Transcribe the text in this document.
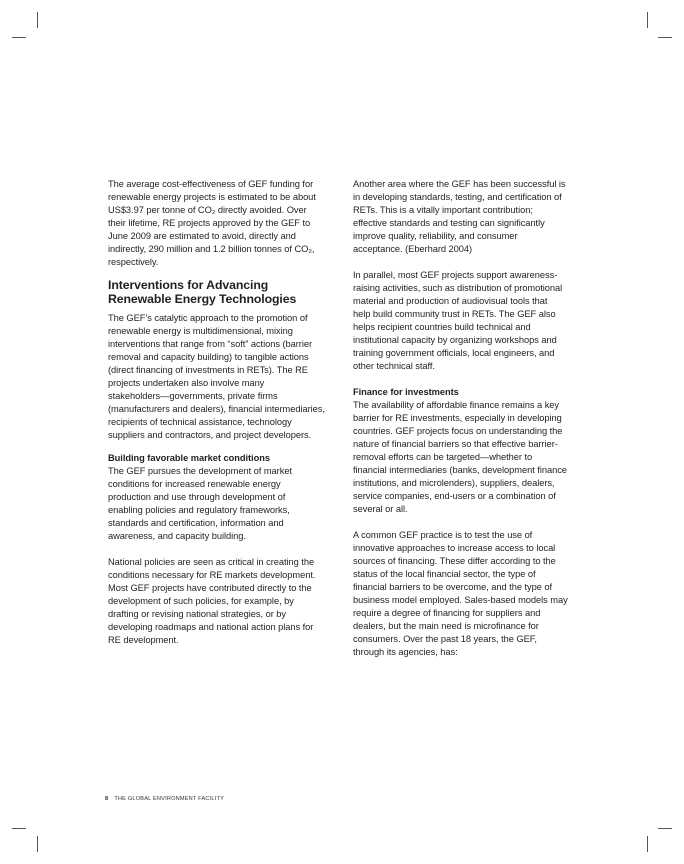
The average cost-effectiveness of GEF funding for
renewable energy projects is estimated to be about
US$3.97 per tonne of CO₂ directly avoided. Over
their lifetime, RE projects approved by the GEF to
June 2009 are estimated to avoid, directly and
indirectly, 290 million and 1.2 billion tonnes of CO₂,
respectively.
Interventions for Advancing
Renewable Energy Technologies
The GEF’s catalytic approach to the promotion of
renewable energy is multidimensional, mixing
interventions that range from “soft” actions (barrier
removal and capacity building) to tangible actions
(direct financing of investments in RETs). The RE
projects undertaken also involve many
stakeholders—governments, private firms
(manufacturers and dealers), financial intermediaries,
recipients of technical assistance, technology
suppliers and contractors, and project developers.
Building favorable market conditions
The GEF pursues the development of market
conditions for increased renewable energy
production and use through development of
enabling policies and regulatory frameworks,
standards and certification, information and
awareness, and capacity building.
National policies are seen as critical in creating the
conditions necessary for RE markets development.
Most GEF projects have contributed directly to the
development of such policies, for example, by
drafting or revising national strategies, or by
developing roadmaps and national action plans for
RE development.
Another area where the GEF has been successful is
in developing standards, testing, and certification of
RETs. This is a vitally important contribution;
effective standards and testing can significantly
improve quality, reliability, and consumer
acceptance. (Eberhard 2004)
In parallel, most GEF projects support awareness-
raising activities, such as distribution of promotional
material and production of audiovisual tools that
help build community trust in RETs. The GEF also
helps recipient countries build technical and
institutional capacity by organizing workshops and
training government officials, local engineers, and
other technical staff.
Finance for investments
The availability of affordable finance remains a key
barrier for RE investments, especially in developing
countries. GEF projects focus on understanding the
nature of financial barriers so that effective barrier-
removal efforts can be targeted—whether to
financial intermediaries (banks, development finance
institutions, and microlenders), suppliers, dealers,
service companies, end-users or a combination of
several or all.
A common GEF practice is to test the use of
innovative approaches to increase access to local
sources of financing. These differ according to the
status of the local financial sector, the type of
financial barriers to be overcome, and the type of
business model employed. Sales-based models may
require a degree of financing for suppliers and
dealers, but the main need is microfinance for
consumers. Over the past 18 years, the GEF,
through its agencies, has:
8 THE GLOBAL ENVIRONMENT FACILITY
